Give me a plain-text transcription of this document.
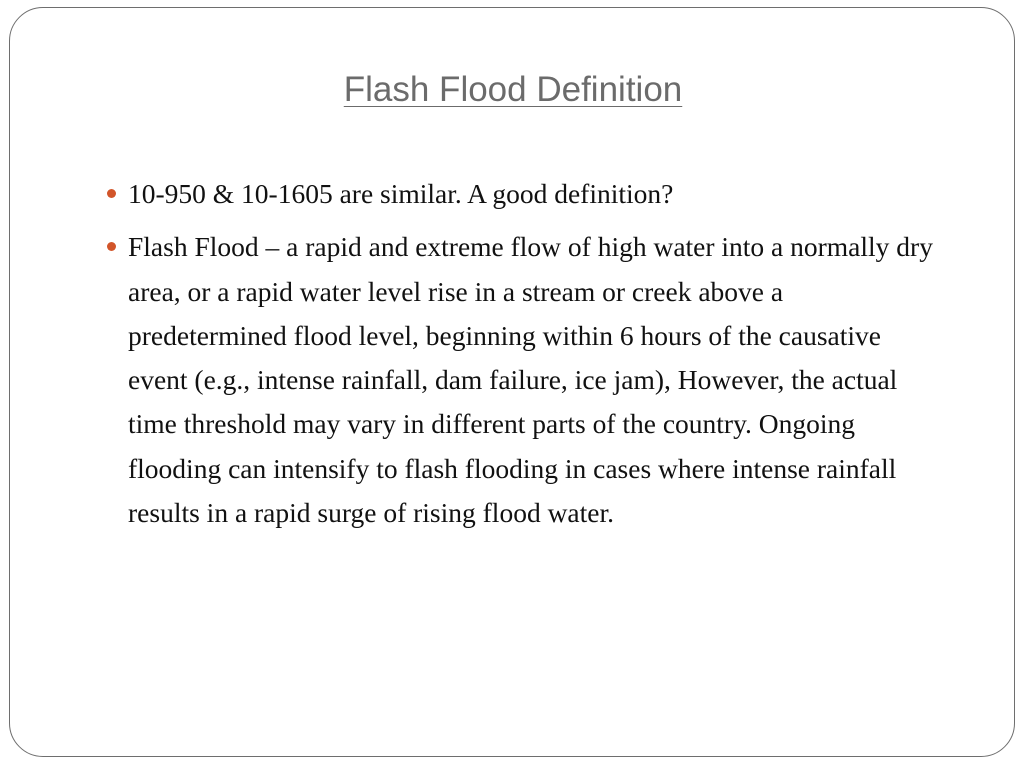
Flash Flood Definition
10-950 & 10-1605 are similar. A good definition?
Flash Flood – a rapid and extreme flow of high water into a normally dry area, or a rapid water level rise in a stream or creek above a predetermined flood level, beginning within 6 hours of the causative event (e.g., intense rainfall, dam failure, ice jam), However, the actual time threshold may vary in different parts of the country. Ongoing flooding can intensify to flash flooding in cases where intense rainfall results in a rapid surge of rising flood water.
